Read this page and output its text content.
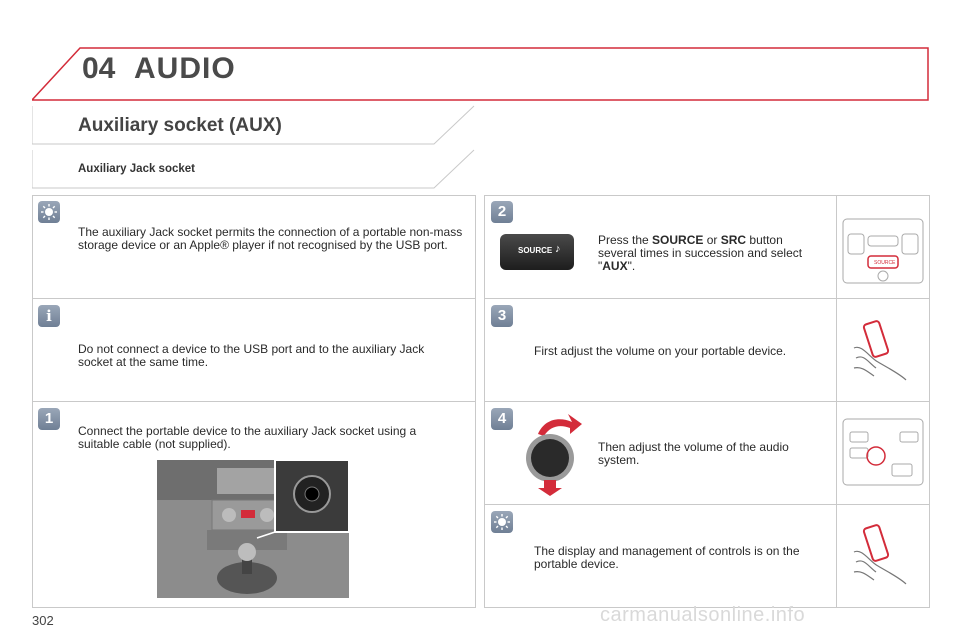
04 AUDIO
Auxiliary socket (AUX)
Auxiliary Jack socket
The auxiliary Jack socket permits the connection of a portable non-mass storage device or an Apple® player if not recognised by the USB port.
i
Do not connect a device to the USB port and to the auxiliary Jack socket at the same time.
1
Connect the portable device to the auxiliary Jack socket using a suitable cable (not supplied).
2
SOURCE ♪
Press the SOURCE or SRC button several times in succession and select "AUX".	SOURCE
3
First adjust the volume on your portable device.
4
Then adjust the volume of the audio system.
The display and management of controls is on the portable device.
302	carmanualsonline.info
